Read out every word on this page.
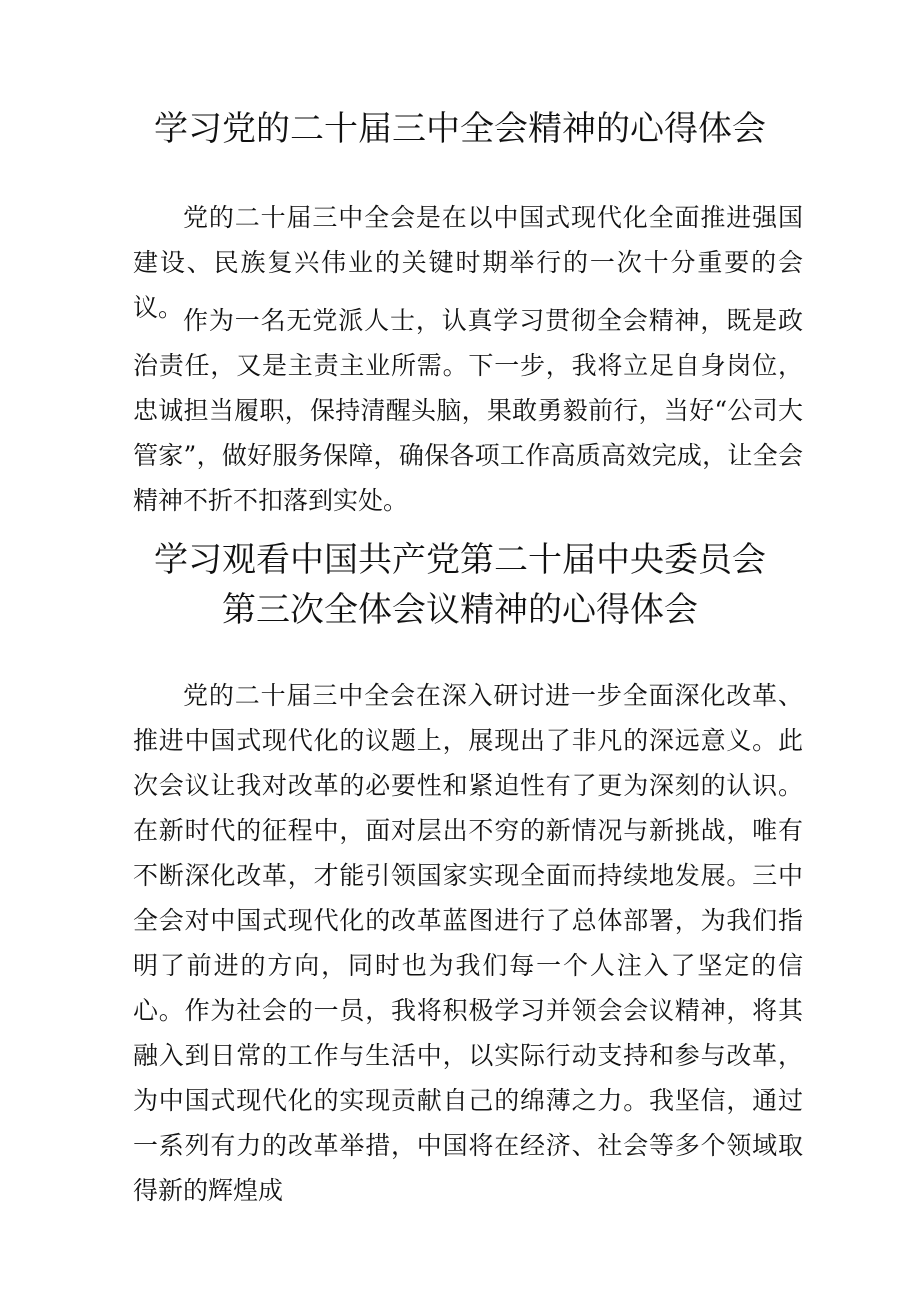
学习党的二十届三中全会精神的心得体会

党的二十届三中全会是在以中国式现代化全面推进强国建设、民族复兴伟业的关键时期举行的一次十分重要的会议。 作为一名无党派人士，认真学习贯彻全会精神，既是政治责任，又是主责主业所需。下一步，我将立足自身岗位，忠诚担当履职，保持清醒头脑，果敢勇毅前行，当好“公司大管家”，做好服务保障，确保各项工作高质高效完成，让全会精神不折不扣落到实处。

学习观看中国共产党第二十届中央委员会
第三次全体会议精神的心得体会

党的二十届三中全会在深入研讨进一步全面深化改革、推进中国式现代化的议题上，展现出了非凡的深远意义。此次会议让我对改革的必要性和紧迫性有了更为深刻的认识。在新时代的征程中，面对层出不穷的新情况与新挑战，唯有不断深化改革，才能引领国家实现全面而持续地发展。三中全会对中国式现代化的改革蓝图进行了总体部署，为我们指明了前进的方向，同时也为我们每一个人注入了坚定的信心。作为社会的一员，我将积极学习并领会会议精神，将其融入到日常的工作与生活中，以实际行动支持和参与改革，为中国式现代化的实现贡献自己的绵薄之力。我坚信，通过一系列有力的改革举措，中国将在经济、社会等多个领域取得新的辉煌成
